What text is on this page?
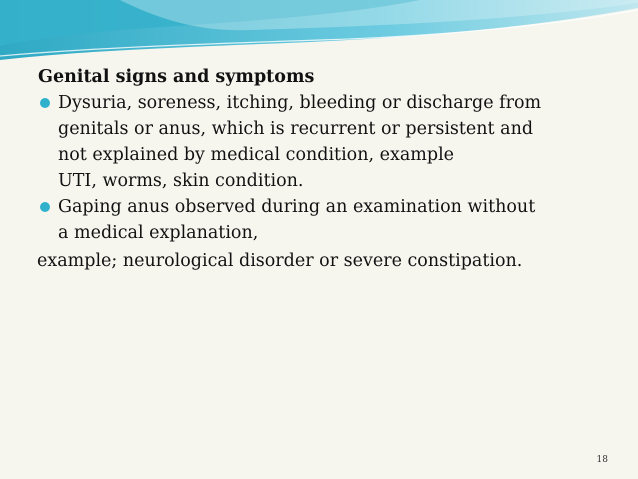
Genital signs and symptoms
Dysuria, soreness, itching, bleeding or discharge from
genitals or anus, which is recurrent or persistent and
not explained by medical condition, example
UTI, worms, skin condition.
Gaping anus observed during an examination without
a medical explanation,
example; neurological disorder or severe constipation.
18
